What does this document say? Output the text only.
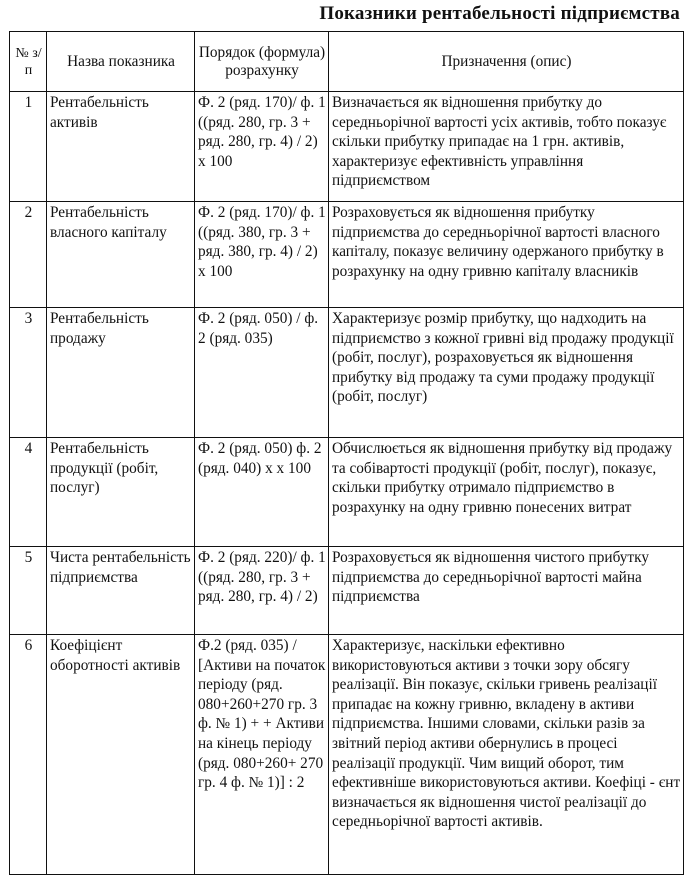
Показники рентабельності підприємства
№ з/п	Назва показника	Порядок (формула) розрахунку	Призначення (опис)
1	Рентабельність активів	Ф. 2 (ряд. 170)/ ф. 1 ((ряд. 280, гр. 3 + ряд. 280, гр. 4) / 2) х 100	Визначається як відношення прибутку до середньорічної вартості усіх активів, тобто показує скільки прибутку припадає на 1 грн. активів, характеризує ефективність управління підприємством
2	Рентабельність власного капіталу	Ф. 2 (ряд. 170)/ ф. 1 ((ряд. 380, гр. 3 + ряд. 380, гр. 4) / 2) х 100	Розраховується як відношення прибутку підприємства до середньорічної вартості власного капіталу, показує величину одержаного прибутку в розрахунку на одну гривню капіталу власників
3	Рентабельність продажу	Ф. 2 (ряд. 050) / ф. 2 (ряд. 035)	Характеризує розмір прибутку, що надходить на підприємство з кожної гривні від продажу продукції (робіт, послуг), розраховується як відношення прибутку від продажу та суми продажу продукції (робіт, послуг)
4	Рентабельність продукції (робіт, послуг)	Ф. 2 (ряд. 050) ф. 2 (ряд. 040) х х 100	Обчислюється як відношення прибутку від продажу та собівартості продукції (робіт, послуг), показує, скільки прибутку отримало підприємство в розрахунку на одну гривню понесених витрат
5	Чиста рентабельність підприємства	Ф. 2 (ряд. 220)/ ф. 1 ((ряд. 280, гр. 3 + ряд. 280, гр. 4) / 2)	Розраховується як відношення чистого прибутку підприємства до середньорічної вартості майна підприємства
6	Коефіцієнт оборотності активів	Ф.2 (ряд. 035) / [Активи на початок періоду (ряд. 080+260+270 гр. 3 ф. № 1) + + Активи на кінець періоду (ряд. 080+260+ 270 гр. 4 ф. № 1)] : 2	Характеризує, наскільки ефективно використовуються активи з точки зору обсягу реалізації. Він показує, скільки гривень реалізації припадає на кожну гривню, вкладену в активи підприємства. Іншими словами, скільки разів за звітний період активи обернулись в процесі реалізації продукції. Чим вищий оборот, тим ефективніше використовуються активи. Коефіці - єнт визначається як відношення чистої реалізації до середньорічної вартості активів.
